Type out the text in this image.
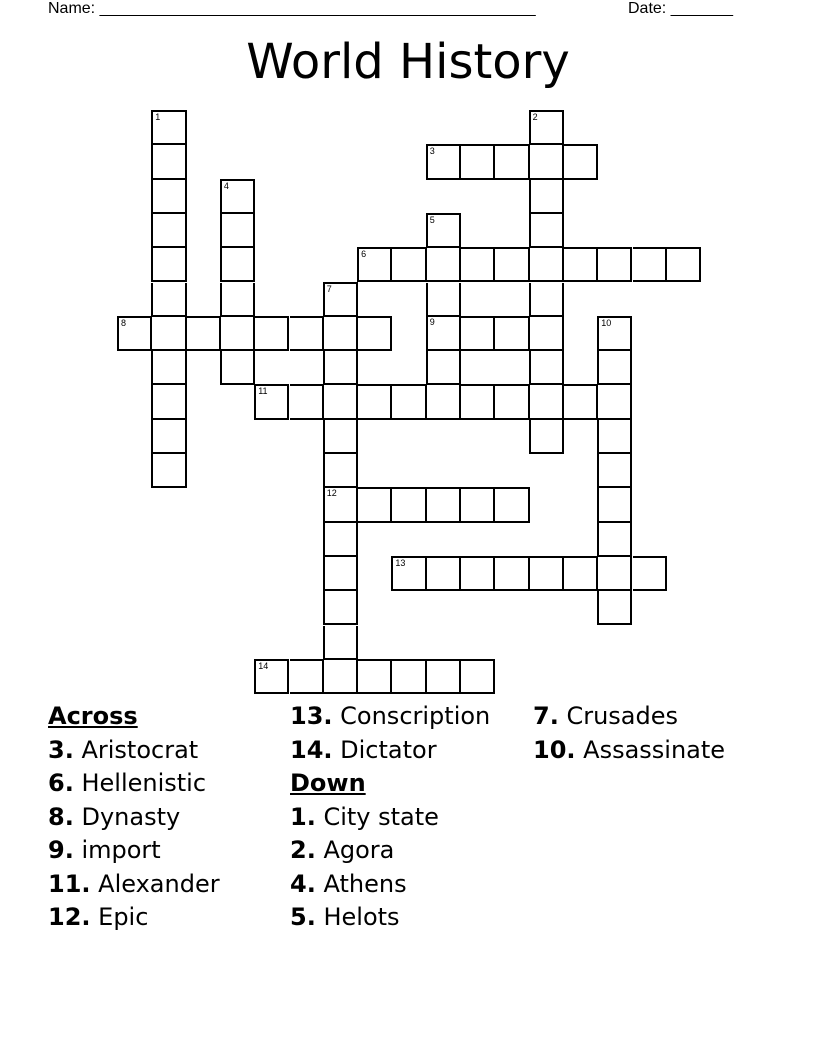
Name: _________________________________________________	Date: _______
World History
1	2
3
4
5
9
6
7
12
8	10
11
13
14
Across
3. Aristocrat
6. Hellenistic
8. Dynasty
9. import
11. Alexander
12. Epic
13. Conscription
14. Dictator
Down
1. City state
2. Agora
4. Athens
5. Helots
7. Crusades
10. Assassinate
